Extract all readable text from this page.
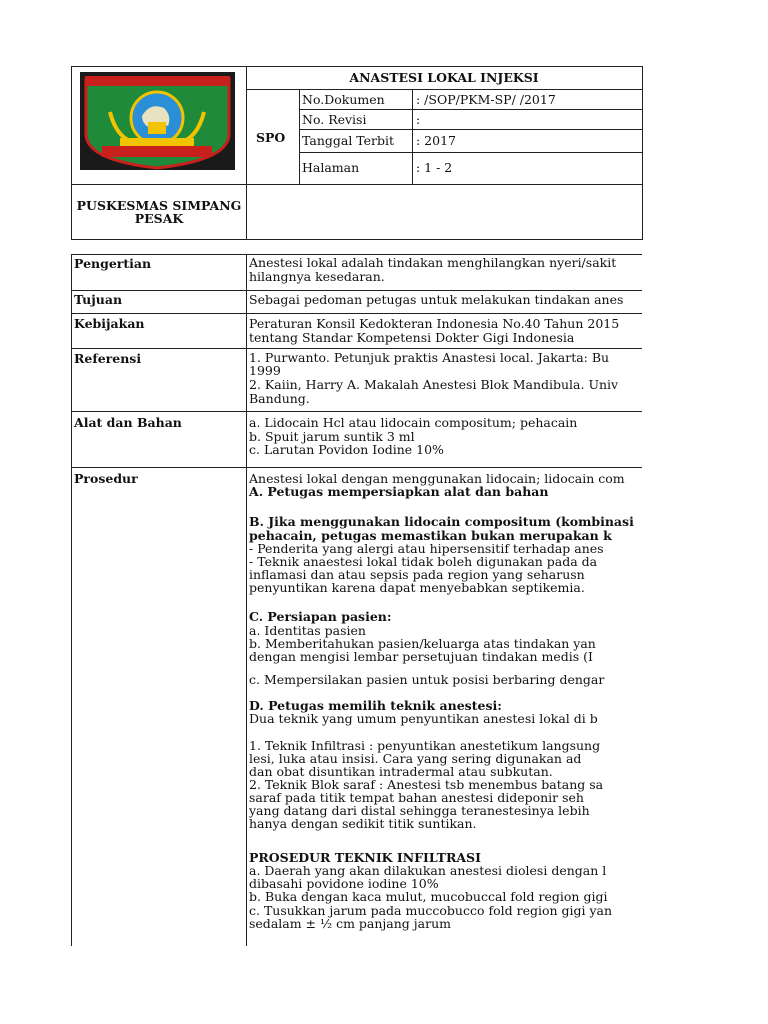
ANASTESI LOKAL INJEKSI
SPO
No.Dokumen	: /SOP/PKM-SP/ /2017
No. Revisi	:
Tanggal Terbit : 2017
Halaman	: 1 - 2
PUSKESMAS SIMPANG
PESAK
Pengertian	Anestesi lokal adalah tindakan menghilangkan nyeri/sakit
hilangnya kesedaran.
Tujuan	Sebagai pedoman petugas untuk melakukan tindakan anes
Kebijakan	Peraturan Konsil Kedokteran Indonesia No.40 Tahun 2015
tentang Standar Kompetensi Dokter Gigi Indonesia
Referensi	1. Purwanto. Petunjuk praktis Anastesi local. Jakarta: Bu
1999
2. Kaiin, Harry A. Makalah Anestesi Blok Mandibula. Univ
Bandung.
Alat dan Bahan	a. Lidocain Hcl atau lidocain compositum; pehacain
b. Spuit jarum suntik 3 ml
c. Larutan Povidon Iodine 10%
Prosedur	Anestesi lokal dengan menggunakan lidocain; lidocain com
A. Petugas mempersiapkan alat dan bahan
B. Jika menggunakan lidocain compositum (kombinasi
pehacain, petugas memastikan bukan merupakan k
- Penderita yang alergi atau hipersensitif terhadap anes
- Teknik anaestesi lokal tidak boleh digunakan pada da
inflamasi dan atau sepsis pada region yang seharusn
penyuntikan karena dapat menyebabkan septikemia.
C. Persiapan pasien:
a. Identitas pasien
b. Memberitahukan pasien/keluarga atas tindakan yan
dengan mengisi lembar persetujuan tindakan medis (I
c. Mempersilakan pasien untuk posisi berbaring dengar
D. Petugas memilih teknik anestesi:
Dua teknik yang umum penyuntikan anestesi lokal di b
1. Teknik Infiltrasi : penyuntikan anestetikum langsung
lesi, luka atau insisi. Cara yang sering digunakan ad
dan obat disuntikan intradermal atau subkutan.
2. Teknik Blok saraf : Anestesi tsb menembus batang sa
saraf pada titik tempat bahan anestesi dideponir seh
yang datang dari distal sehingga teranestesinya lebih
hanya dengan sedikit titik suntikan.
PROSEDUR TEKNIK INFILTRASI
a. Daerah yang akan dilakukan anestesi diolesi dengan l
dibasahi povidone iodine 10%
b. Buka dengan kaca mulut, mucobuccal fold region gigi
c. Tusukkan jarum pada muccobucco fold region gigi yan
sedalam ± ½ cm panjang jarum
